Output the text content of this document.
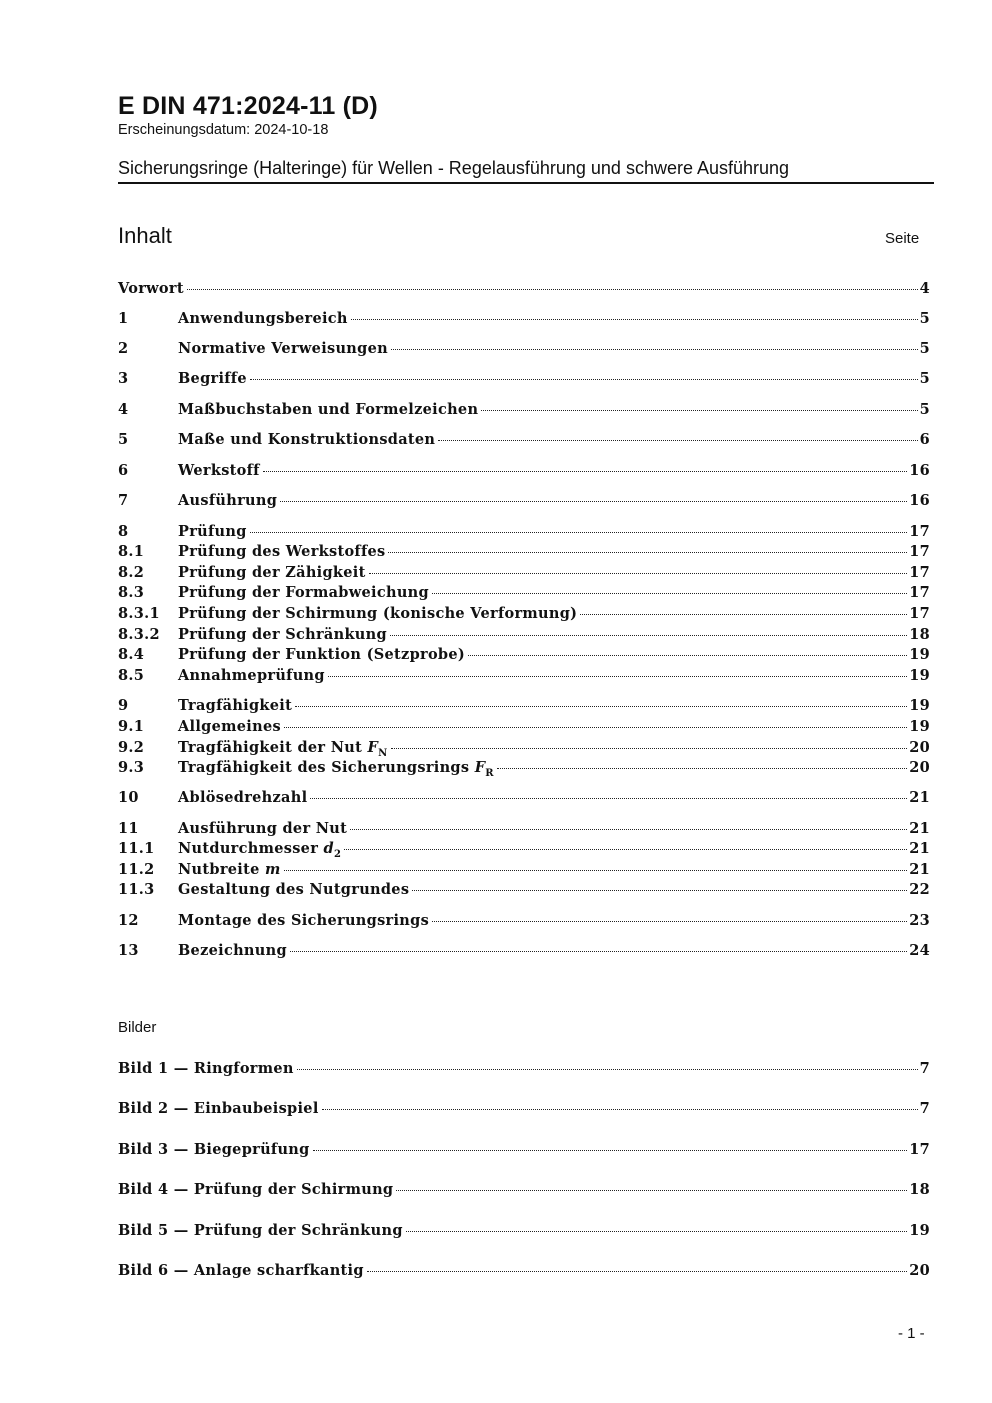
E DIN 471:2024-11 (D)
Erscheinungsdatum: 2024-10-18
Sicherungsringe (Halteringe) für Wellen - Regelausführung und schwere Ausführung
Inhalt	Seite
Vorwort	4
1	Anwendungsbereich	5
2	Normative Verweisungen	5
3	Begriffe	5
4	Maßbuchstaben und Formelzeichen	5
5	Maße und Konstruktionsdaten	6
6	Werkstoff	16
7	Ausführung	16
8	Prüfung	17
8.1	Prüfung des Werkstoffes	17
8.2	Prüfung der Zähigkeit	17
8.3	Prüfung der Formabweichung	17
8.3.1	Prüfung der Schirmung (konische Verformung)	17
8.3.2	Prüfung der Schränkung	18
8.4	Prüfung der Funktion (Setzprobe)	19
8.5	Annahmeprüfung	19
9	Tragfähigkeit	19
9.1	Allgemeines	19
9.2	Tragfähigkeit der Nut $F_N$	20
9.3	Tragfähigkeit des Sicherungsrings $F_R$	20
10	Ablösedrehzahl	21
11	Ausführung der Nut	21
11.1	Nutdurchmesser $d_2$	21
11.2	Nutbreite m	21
11.3	Gestaltung des Nutgrundes	22
12	Montage des Sicherungsrings	23
13	Bezeichnung	24
Bilder
Bild 1 — Ringformen	7
Bild 2 — Einbaubeispiel	7
Bild 3 — Biegeprüfung	17
Bild 4 — Prüfung der Schirmung	18
Bild 5 — Prüfung der Schränkung	19
Bild 6 — Anlage scharfkantig	20
- 1 -
